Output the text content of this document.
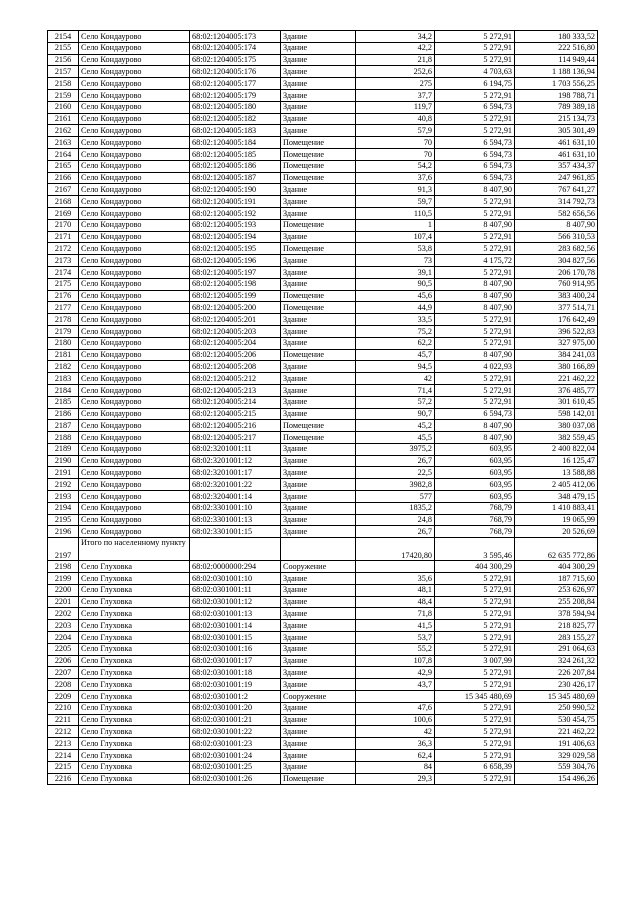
2154	Село Кондаурово	68:02:1204005:173	Здание	34,2	5 272,91	180 333,52
2155	Село Кондаурово	68:02:1204005:174	Здание	42,2	5 272,91	222 516,80
2156	Село Кондаурово	68:02:1204005:175	Здание	21,8	5 272,91	114 949,44
2157	Село Кондаурово	68:02:1204005:176	Здание	252,6	4 703,63	1 188 136,94
2158	Село Кондаурово	68:02:1204005:177	Здание	275	6 194,75	1 703 556,25
2159	Село Кондаурово	68:02:1204005:179	Здание	37,7	5 272,91	198 788,71
2160	Село Кондаурово	68:02:1204005:180	Здание	119,7	6 594,73	789 389,18
2161	Село Кондаурово	68:02:1204005:182	Здание	40,8	5 272,91	215 134,73
2162	Село Кондаурово	68:02:1204005:183	Здание	57,9	5 272,91	305 301,49
2163	Село Кондаурово	68:02:1204005:184	Помещение	70	6 594,73	461 631,10
2164	Село Кондаурово	68:02:1204005:185	Помещение	70	6 594,73	461 631,10
2165	Село Кондаурово	68:02:1204005:186	Помещение	54,2	6 594,73	357 434,37
2166	Село Кондаурово	68:02:1204005:187	Помещение	37,6	6 594,73	247 961,85
2167	Село Кондаурово	68:02:1204005:190	Здание	91,3	8 407,90	767 641,27
2168	Село Кондаурово	68:02:1204005:191	Здание	59,7	5 272,91	314 792,73
2169	Село Кондаурово	68:02:1204005:192	Здание	110,5	5 272,91	582 656,56
2170	Село Кондаурово	68:02:1204005:193	Помещение	1	8 407,90	8 407,90
2171	Село Кондаурово	68:02:1204005:194	Здание	107,4	5 272,91	566 310,53
2172	Село Кондаурово	68:02:1204005:195	Помещение	53,8	5 272,91	283 682,56
2173	Село Кондаурово	68:02:1204005:196	Здание	73	4 175,72	304 827,56
2174	Село Кондаурово	68:02:1204005:197	Здание	39,1	5 272,91	206 170,78
2175	Село Кондаурово	68:02:1204005:198	Здание	90,5	8 407,90	760 914,95
2176	Село Кондаурово	68:02:1204005:199	Помещение	45,6	8 407,90	383 400,24
2177	Село Кондаурово	68:02:1204005:200	Помещение	44,9	8 407,90	377 514,71
2178	Село Кондаурово	68:02:1204005:201	Здание	33,5	5 272,91	176 642,49
2179	Село Кондаурово	68:02:1204005:203	Здание	75,2	5 272,91	396 522,83
2180	Село Кондаурово	68:02:1204005:204	Здание	62,2	5 272,91	327 975,00
2181	Село Кондаурово	68:02:1204005:206	Помещение	45,7	8 407,90	384 241,03
2182	Село Кондаурово	68:02:1204005:208	Здание	94,5	4 022,93	380 166,89
2183	Село Кондаурово	68:02:1204005:212	Здание	42	5 272,91	221 462,22
2184	Село Кондаурово	68:02:1204005:213	Здание	71,4	5 272,91	376 485,77
2185	Село Кондаурово	68:02:1204005:214	Здание	57,2	5 272,91	301 610,45
2186	Село Кондаурово	68:02:1204005:215	Здание	90,7	6 594,73	598 142,01
2187	Село Кондаурово	68:02:1204005:216	Помещение	45,2	8 407,90	380 037,08
2188	Село Кондаурово	68:02:1204005:217	Помещение	45,5	8 407,90	382 559,45
2189	Село Кондаурово	68:02:3201001:11	Здание	3975,2	603,95	2 400 822,04
2190	Село Кондаурово	68:02:3201001:12	Здание	26,7	603,95	16 125,47
2191	Село Кондаурово	68:02:3201001:17	Здание	22,5	603,95	13 588,88
2192	Село Кондаурово	68:02:3201001:22	Здание	3982,8	603,95	2 405 412,06
2193	Село Кондаурово	68:02:3204001:14	Здание	577	603,95	348 479,15
2194	Село Кондаурово	68:02:3301001:10	Здание	1835,2	768,79	1 410 883,41
2195	Село Кондаурово	68:02:3301001:13	Здание	24,8	768,79	19 065,99
2196	Село Кондаурово	68:02:3301001:15	Здание	26,7	768,79	20 526,69
2197	Итого по населенному пункту			17420,80	3 595,46	62 635 772,86
2198	Село Глуховка	68:02:0000000:294	Сооружение		404 300,29	404 300,29
2199	Село Глуховка	68:02:0301001:10	Здание	35,6	5 272,91	187 715,60
2200	Село Глуховка	68:02:0301001:11	Здание	48,1	5 272,91	253 626,97
2201	Село Глуховка	68:02:0301001:12	Здание	48,4	5 272,91	255 208,84
2202	Село Глуховка	68:02:0301001:13	Здание	71,8	5 272,91	378 594,94
2203	Село Глуховка	68:02:0301001:14	Здание	41,5	5 272,91	218 825,77
2204	Село Глуховка	68:02:0301001:15	Здание	53,7	5 272,91	283 155,27
2205	Село Глуховка	68:02:0301001:16	Здание	55,2	5 272,91	291 064,63
2206	Село Глуховка	68:02:0301001:17	Здание	107,8	3 007,99	324 261,32
2207	Село Глуховка	68:02:0301001:18	Здание	42,9	5 272,91	226 207,84
2208	Село Глуховка	68:02:0301001:19	Здание	43,7	5 272,91	230 426,17
2209	Село Глуховка	68:02:0301001:2	Сооружение		15 345 480,69	15 345 480,69
2210	Село Глуховка	68:02:0301001:20	Здание	47,6	5 272,91	250 990,52
2211	Село Глуховка	68:02:0301001:21	Здание	100,6	5 272,91	530 454,75
2212	Село Глуховка	68:02:0301001:22	Здание	42	5 272,91	221 462,22
2213	Село Глуховка	68:02:0301001:23	Здание	36,3	5 272,91	191 406,63
2214	Село Глуховка	68:02:0301001:24	Здание	62,4	5 272,91	329 029,58
2215	Село Глуховка	68:02:0301001:25	Здание	84	6 658,39	559 304,76
2216	Село Глуховка	68:02:0301001:26	Помещение	29,3	5 272,91	154 496,26
